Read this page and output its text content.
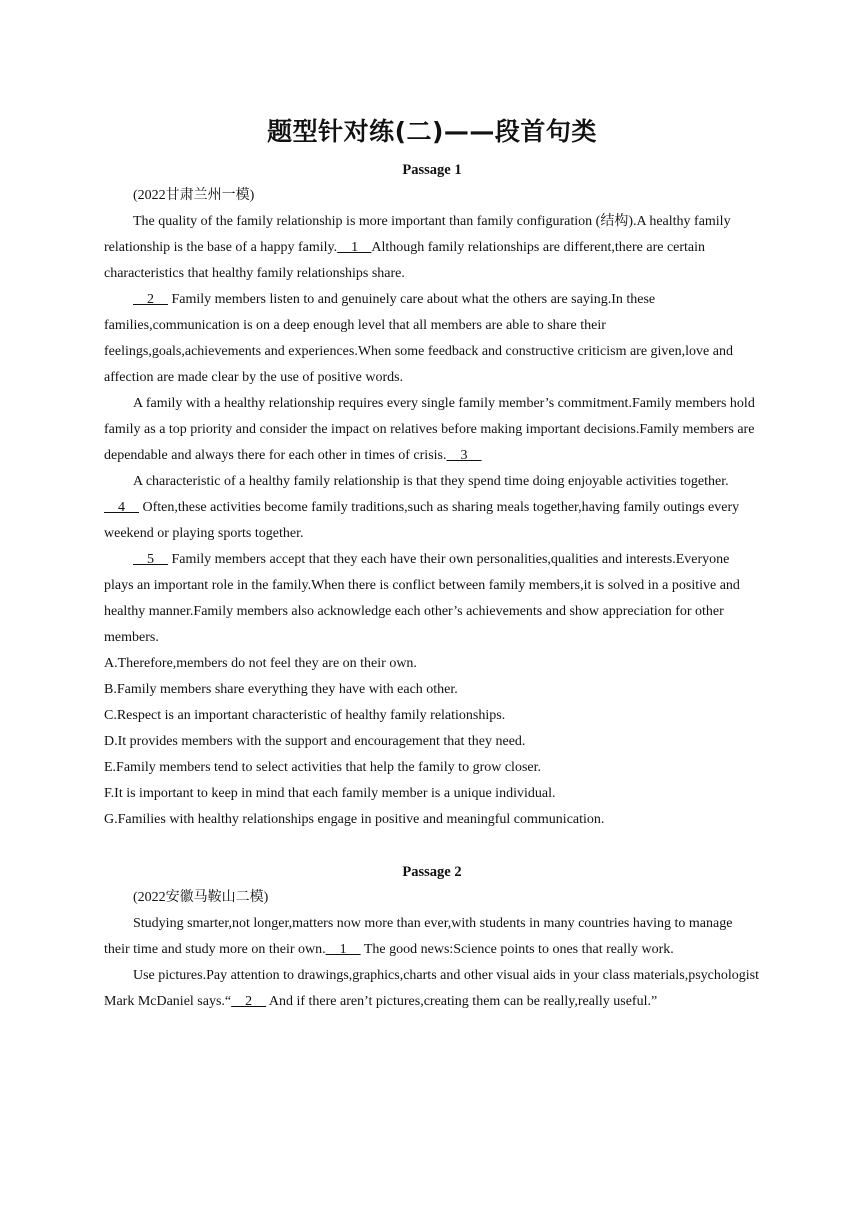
题型针对练(二)——段首句类
Passage 1

(2022甘肃兰州一模)

The quality of the family relationship is more important than family configuration (结构).A healthy family relationship is the base of a happy family.    1    Although family relationships are different,there are certain characteristics that healthy family relationships share.

2     Family members listen to and genuinely care about what the others are saying.In these families,communication is on a deep enough level that all members are able to share their feelings,goals,achievements and experiences.When some feedback and constructive criticism are given,love and affection are made clear by the use of positive words.

A family with a healthy relationship requires every single family member’s commitment.Family members hold family as a top priority and consider the impact on relatives before making important decisions.Family members are dependable and always there for each other in times of crisis.    3

A characteristic of a healthy family relationship is that they spend time doing enjoyable activities together.    4     Often,these activities become family traditions,such as sharing meals together,having family outings every weekend or playing sports together.

5     Family members accept that they each have their own personalities,qualities and interests.Everyone plays an important role in the family.When there is conflict between family members,it is solved in a positive and healthy manner.Family members also acknowledge each other’s achievements and show appreciation for other members.

A.Therefore,members do not feel they are on their own.

B.Family members share everything they have with each other.

C.Respect is an important characteristic of healthy family relationships.

D.It provides members with the support and encouragement that they need.

E.Family members tend to select activities that help the family to grow closer.

F.It is important to keep in mind that each family member is a unique individual.

G.Families with healthy relationships engage in positive and meaningful communication.

Passage 2

(2022安徽马鞍山二模)

Studying smarter,not longer,matters now more than ever,with students in many countries having to manage their time and study more on their own.    1     The good news:Science points to ones that really work.

Use pictures.Pay attention to drawings,graphics,charts and other visual aids in your class materials,psychologist Mark McDaniel says.“    2     And if there aren’t pictures,creating them can be really,really useful.”
